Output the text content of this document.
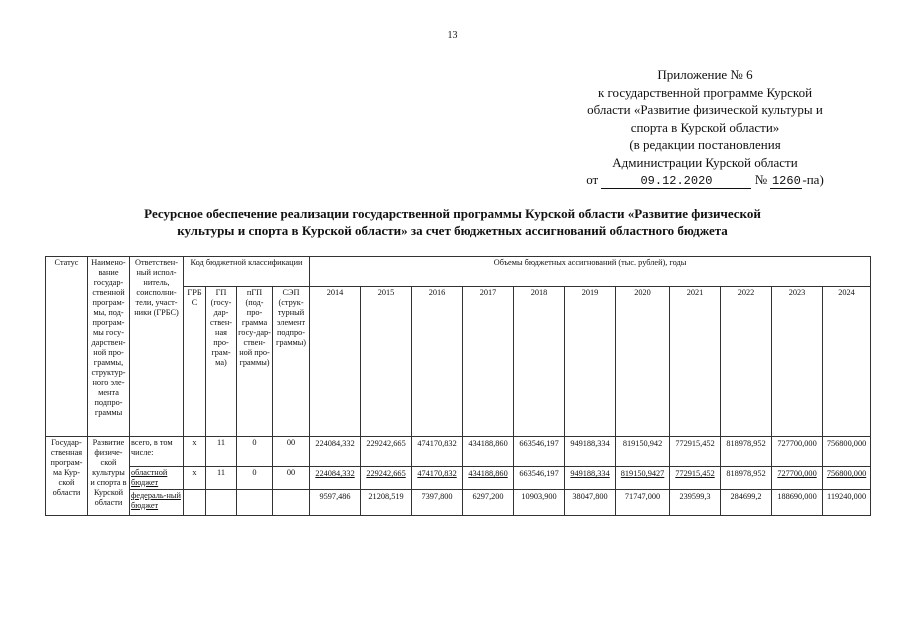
13
Приложение № 6
к государственной программе Курской
области «Развитие физической культуры и
спорта в Курской области»
(в редакции постановления
Администрации Курской области
от	09.12.2020	№ 1260 -па)
Ресурсное обеспечение реализации государственной программы Курской области «Развитие физической
культуры и спорта в Курской области» за счет бюджетных ассигнований областного бюджета
Статус	Наимено-вание государ-ственной програм-мы, под-програм-мы госу-дарствен-ной про-граммы, структур-ного эле-мента подпро-граммы	Ответствен-ный испол-нитель, соисполни-тели, участ-ники (ГРБС)	Код бюджетной классификации				Объемы бюджетных ассигнований (тыс. рублей), годы										
			ГРБ С	ГП (госу-дар-ствен-ная про-грам-ма)	пГП (под-про-грамма госу-дар-ствен-ной про-граммы)	СЭП (струк-турный элемент подпро-граммы)	2014	2015	2016	2017	2018	2019	2020	2021	2022	2023	2024
Государ-ственная програм-ма Кур-ской области	Развитие физиче-ской культуры и спорта в Курской области	всего, в том числе:	х	11	0	00	224084,332	229242,665	474170,832	434188,860	663546,197	949188,334	819150,942	772915,452	818978,952	727700,000	756800,000
		областной бюджет	х	11	0	00	224084,332	229242,665	474170,832	434188,860	663546,197	949188,334	819150,9427	772915,452	818978,952	727700,000	756800,000
		федераль-ный бюджет					9597,486	21208,519	7397,800	6297,200	10903,900	38047,800	71747,000	239599,3	284699,2	188690,000	119240,000
